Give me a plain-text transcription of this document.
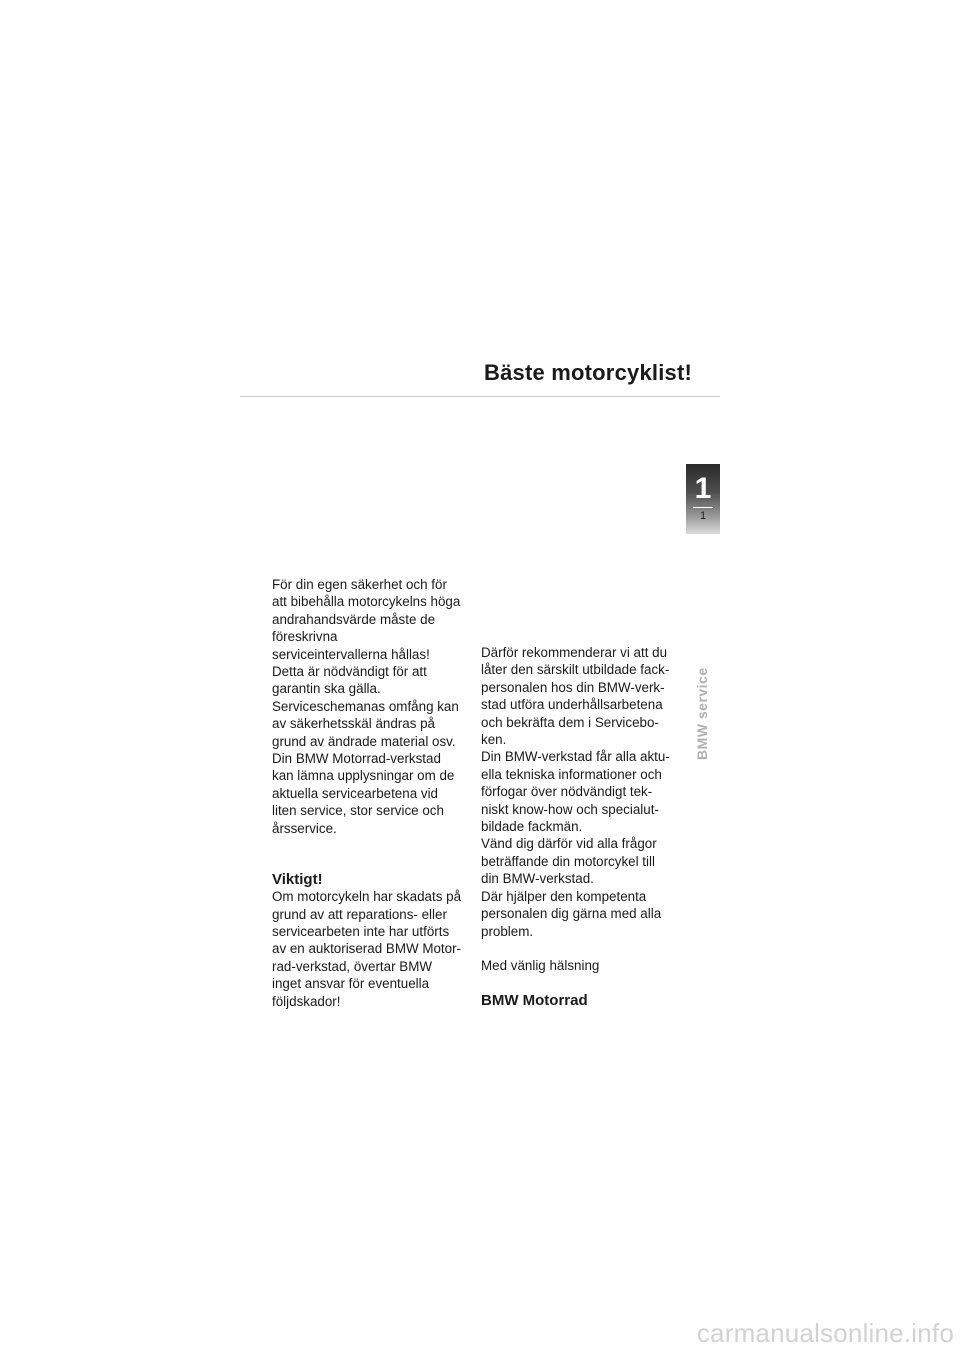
Bäste motorcyklist!
1
1
BMW service

För din egen säkerhet och för

att bibehålla motorcykelns höga

andrahandsvärde måste de

föreskrivna

serviceintervallerna hållas!

Detta är nödvändigt för att

garantin ska gälla.

Serviceschemanas omfång kan

av säkerhetsskäl ändras på

grund av ändrade material osv.

Din BMW Motorrad-verkstad

kan lämna upplysningar om de

aktuella servicearbetena vid

liten service, stor service och

årsservice.

Viktigt!

Om motorcykeln har skadats på

grund av att reparations- eller

servicearbeten inte har utförts

av en auktoriserad BMW Motor-

rad-verkstad, övertar BMW

inget ansvar för eventuella

följdskador!

Därför rekommenderar vi att du

låter den särskilt utbildade fack-

personalen hos din BMW-verk-

stad utföra underhållsarbetena

och bekräfta dem i Servicebo-

ken.

Din BMW-verkstad får alla aktu-

ella tekniska informationer och

förfogar över nödvändigt tek-

niskt know-how och specialut-

bildade fackmän.

Vänd dig därför vid alla frågor

beträffande din motorcykel till

din BMW-verkstad.

Där hjälper den kompetenta

personalen dig gärna med alla

problem.

Med vänlig hälsning

BMW Motorrad

carmanualsonline.info
